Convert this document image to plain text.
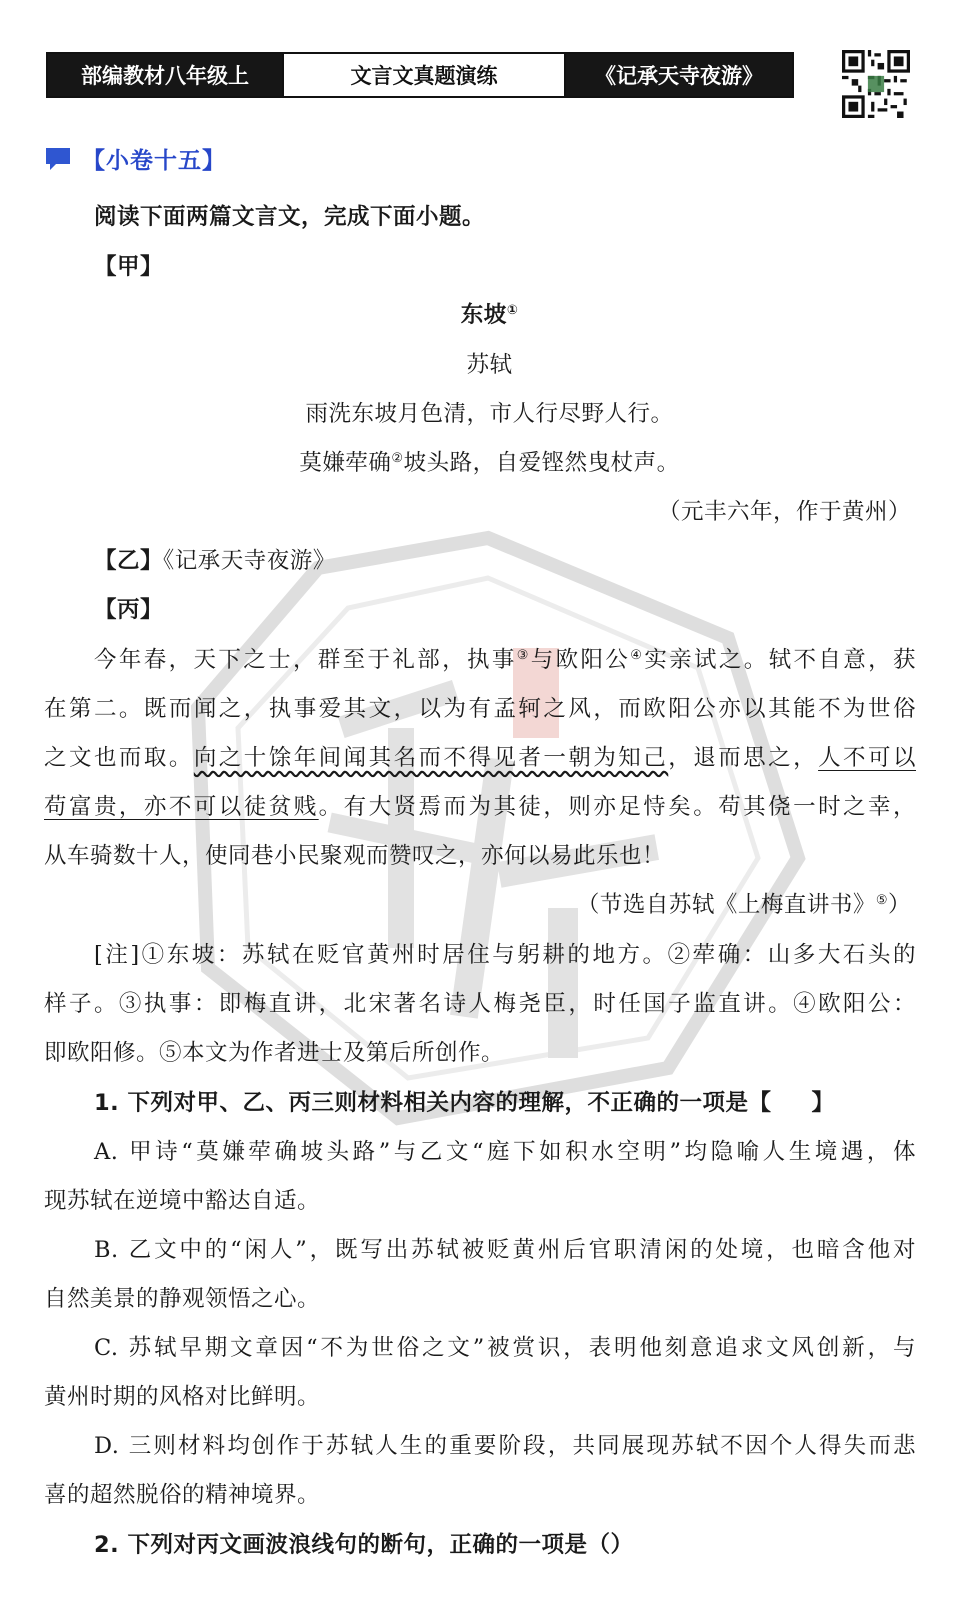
部编教材八年级上	文言文真题演练	《记承天寺夜游》
【小卷十五】
阅读下面两篇文言文，完成下面小题。
【甲】
东坡①
苏轼
雨洗东坡月色清，市人行尽野人行。
莫嫌荦确②坡头路，自爱铿然曳杖声。
（元丰六年，作于黄州）
【乙】《记承天寺夜游》
【丙】
今年春，天下之士，群至于礼部，执事③与欧阳公④实亲试之。轼不自意，获
在第二。既而闻之，执事爱其文，以为有孟轲之风，而欧阳公亦以其能不为世俗
之文也而取。向之十馀年间闻其名而不得见者一朝为知己，退而思之，人不可以
苟富贵，亦不可以徒贫贱。有大贤焉而为其徒，则亦足恃矣。苟其侥一时之幸，
从车骑数十人，使同巷小民聚观而赞叹之，亦何以易此乐也！
（节选自苏轼《上梅直讲书》⑤）
[注]①东坡：苏轼在贬官黄州时居住与躬耕的地方。②荦确：山多大石头的
样子。③执事：即梅直讲，北宋著名诗人梅尧臣，时任国子监直讲。④欧阳公：
即欧阳修。⑤本文为作者进士及第后所创作。
1. 下列对甲、乙、丙三则材料相关内容的理解，不正确的一项是【 】
A. 甲诗“莫嫌荦确坡头路”与乙文“庭下如积水空明”均隐喻人生境遇，体
现苏轼在逆境中豁达自适。
B. 乙文中的“闲人”，既写出苏轼被贬黄州后官职清闲的处境，也暗含他对
自然美景的静观领悟之心。
C. 苏轼早期文章因“不为世俗之文”被赏识，表明他刻意追求文风创新，与
黄州时期的风格对比鲜明。
D. 三则材料均创作于苏轼人生的重要阶段，共同展现苏轼不因个人得失而悲
喜的超然脱俗的精神境界。
2. 下列对丙文画波浪线句的断句，正确的一项是（）
